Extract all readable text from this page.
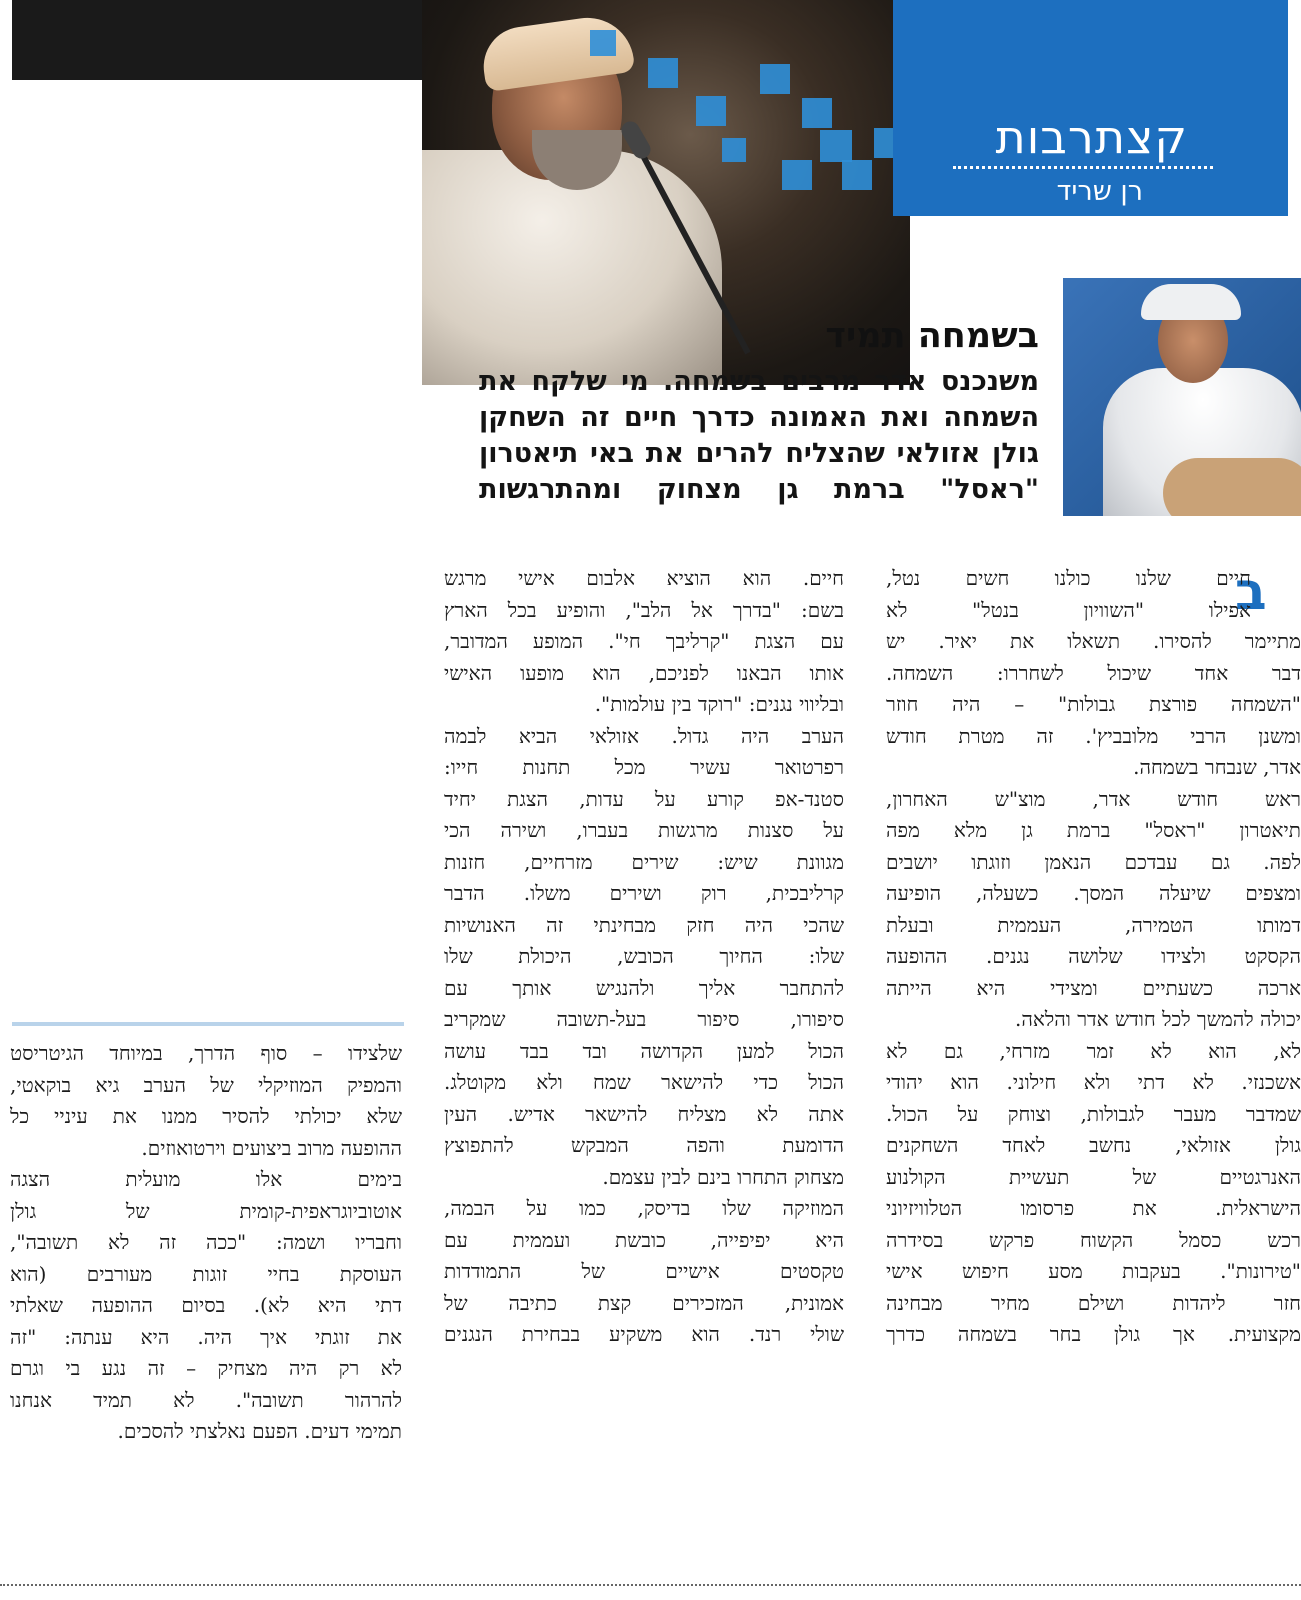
קצתרבות
רן שריד
בשמחה תמיד
משנכנס אדר מרבים בשמחה. מי שלקח את
השמחה ואת האמונה כדרך חיים זה השחקן
גולן אזולאי שהצליח להרים את באי תיאטרון
"ראסל" ברמת גן מצחוק ומהתרגשות
ב
חיים שלנו כולנו חשים נטל,
אפילו "השוויון בנטל" לא
מתיימר להסירו. תשאלו את יאיר. יש
דבר אחד שיכול לשחררו: השמחה.
"השמחה פורצת גבולות" – היה חוזר
ומשנן הרבי מלובביץ'. זה מטרת חודש
אדר, שנבחר בשמחה.
ראש חודש אדר, מוצ"ש האחרון,
תיאטרון "ראסל" ברמת גן מלא מפה
לפה. גם עבדכם הנאמן וזוגתו יושבים
ומצפים שיעלה המסך. כשעלה, הופיעה
דמותו הטמירה, העממית ובעלת
הקסקט ולצידו שלושה נגנים. ההופעה
ארכה כשעתיים ומצידי היא הייתה
יכולה להמשך לכל חודש אדר והלאה.
לא, הוא לא זמר מזרחי, גם לא
אשכנזי. לא דתי ולא חילוני. הוא יהודי
שמדבר מעבר לגבולות, וצוחק על הכול.
גולן אזולאי, נחשב לאחד השחקנים
האנרגטיים של תעשיית הקולנוע
הישראלית. את פרסומו הטלוויזיוני
רכש כסמל הקשוח פרקש בסידרה
"טירונות". בעקבות מסע חיפוש אישי
חזר ליהדות ושילם מחיר מבחינה
מקצועית. אך גולן בחר בשמחה כדרך
חיים. הוא הוציא אלבום אישי מרגש
בשם: "בדרך אל הלב", והופיע בכל הארץ
עם הצגת "קרליבך חי". המופע המדובר,
אותו הבאנו לפניכם, הוא מופעו האישי
ובליווי נגנים: "רוקד בין עולמות".
הערב היה גדול. אזולאי הביא לבמה
רפרטואר עשיר מכל תחנות חייו:
סטנד-אפ קורע על עדות, הצגת יחיד
על סצנות מרגשות בעברו, ושירה הכי
מגוונת שיש: שירים מזרחיים, חזנות
קרליבכית, רוק ושירים משלו. הדבר
שהכי היה חזק מבחינתי זה האנושיות
שלו: החיוך הכובש, היכולת שלו
להתחבר אליך ולהנגיש אותך עם
סיפורו, סיפור בעל-תשובה שמקריב
הכול למען הקדושה ובד בבד עושה
הכול כדי להישאר שמח ולא מקוטלג.
אתה לא מצליח להישאר אדיש. העין
הדומעת והפה המבקש להתפוצץ
מצחוק התחרו בינם לבין עצמם.
המוזיקה שלו בדיסק, כמו על הבמה,
היא יפיפייה, כובשת ועממית עם
טקסטים אישיים של התמודדות
אמונית, המזכירים קצת כתיבה של
שולי רנד. הוא משקיע בבחירת הנגנים
שלצידו – סוף הדרך, במיוחד הגיטריסט
והמפיק המוזיקלי של הערב גיא בוקאטי,
שלא יכולתי להסיר ממנו את עיניי כל
ההופעה מרוב ביצועים וירטואוזים.
בימים אלו מועלית הצגה
אוטוביוגראפית-קומית של גולן
וחבריו ושמה: "ככה זה לא תשובה",
העוסקת בחיי זוגות מעורבים (הוא
דתי היא לא). בסיום ההופעה שאלתי
את זוגתי איך היה. היא ענתה: "זה
לא רק היה מצחיק – זה נגע בי וגרם
להרהור תשובה". לא תמיד אנחנו
תמימי דעים. הפעם נאלצתי להסכים.
